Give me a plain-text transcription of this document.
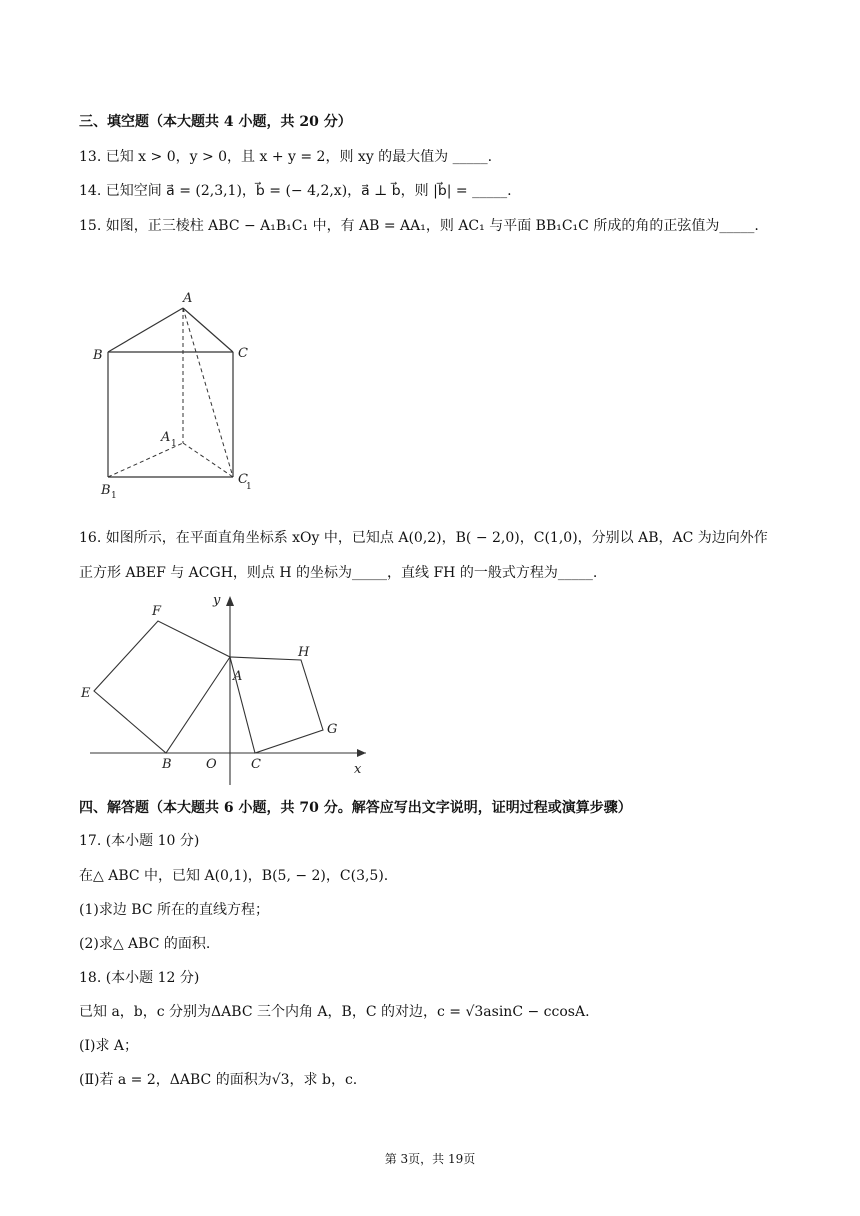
三、填空题（本大题共 4 小题，共 20 分）
13. 已知 x > 0，y > 0，且 x + y = 2，则 xy 的最大值为 _____.
14. 已知空间 a⃗ = (2,3,1)，b⃗ = (− 4,2,x)，a⃗ ⊥ b⃗，则 |b⃗| = _____.
15. 如图，正三棱柱 ABC − A₁B₁C₁ 中，有 AB = AA₁，则 AC₁ 与平面 BB₁C₁C 所成的角的正弦值为_____.
A
B	C
A 1
B 1
C
1
16. 如图所示，在平面直角坐标系 xOy 中，已知点 A(0,2)，B( − 2,0)，C(1,0)，分别以 AB，AC 为边向外作
正方形 ABEF 与 ACGH，则点 H 的坐标为_____，直线 FH 的一般式方程为_____.
F
E
B	O	C
A
H
G
x
y
四、解答题（本大题共 6 小题，共 70 分。解答应写出文字说明，证明过程或演算步骤）
17. (本小题 10 分)
在△ ABC 中，已知 A(0,1)，B(5, − 2)，C(3,5).
(1)求边 BC 所在的直线方程；
(2)求△ ABC 的面积.
18. (本小题 12 分)
已知 a，b，c 分别为ΔABC 三个内角 A，B，C 的对边，c = √3asinC − ccosA.
(Ⅰ)求 A；
(Ⅱ)若 a = 2，ΔABC 的面积为√3，求 b，c.
第 3页，共 19页
